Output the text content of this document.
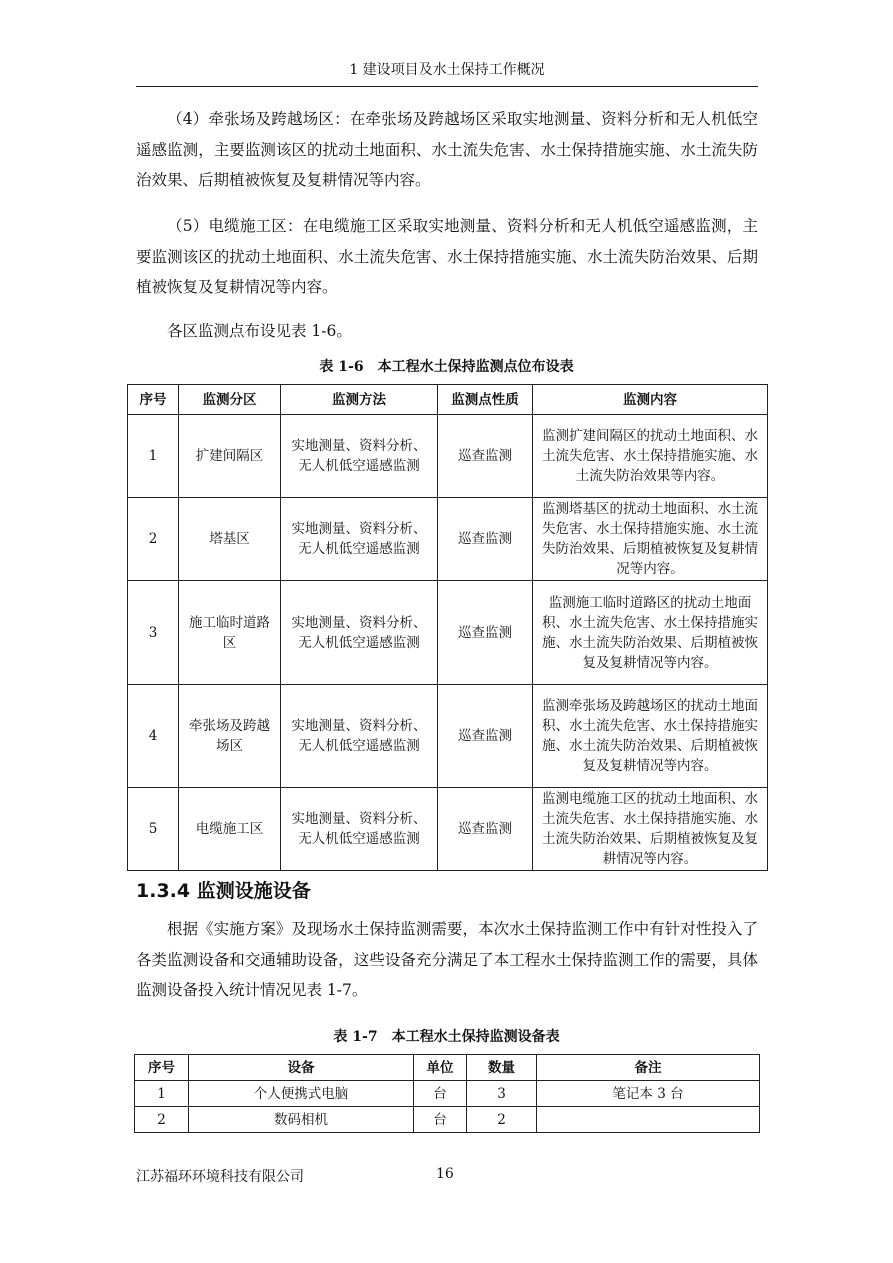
1 建设项目及水土保持工作概况

（4）牵张场及跨越场区：在牵张场及跨越场区采取实地测量、资料分析和无人机低空遥感监测，主要监测该区的扰动土地面积、水土流失危害、水土保持措施实施、水土流失防治效果、后期植被恢复及复耕情况等内容。

（5）电缆施工区：在电缆施工区采取实地测量、资料分析和无人机低空遥感监测，主要监测该区的扰动土地面积、水土流失危害、水土保持措施实施、水土流失防治效果、后期植被恢复及复耕情况等内容。

各区监测点布设见表 1-6。

表 1-6 本工程水土保持监测点位布设表

序号	监测分区	监测方法	监测点性质	监测内容
1	扩建间隔区	实地测量、资料分析、无人机低空遥感监测	巡查监测	监测扩建间隔区的扰动土地面积、水土流失危害、水土保持措施实施、水土流失防治效果等内容。
2	塔基区	实地测量、资料分析、无人机低空遥感监测	巡查监测	监测塔基区的扰动土地面积、水土流失危害、水土保持措施实施、水土流失防治效果、后期植被恢复及复耕情况等内容。
3	施工临时道路区	实地测量、资料分析、无人机低空遥感监测	巡查监测	监测施工临时道路区的扰动土地面积、水土流失危害、水土保持措施实施、水土流失防治效果、后期植被恢复及复耕情况等内容。
4	牵张场及跨越场区	实地测量、资料分析、无人机低空遥感监测	巡查监测	监测牵张场及跨越场区的扰动土地面积、水土流失危害、水土保持措施实施、水土流失防治效果、后期植被恢复及复耕情况等内容。
5	电缆施工区	实地测量、资料分析、无人机低空遥感监测	巡查监测	监测电缆施工区的扰动土地面积、水土流失危害、水土保持措施实施、水土流失防治效果、后期植被恢复及复耕情况等内容。
1.3.4 监测设施设备

根据《实施方案》及现场水土保持监测需要，本次水土保持监测工作中有针对性投入了各类监测设备和交通辅助设备，这些设备充分满足了本工程水土保持监测工作的需要，具体监测设备投入统计情况见表 1-7。

表 1-7 本工程水土保持监测设备表

序号	设备	单位	数量	备注
1	个人便携式电脑	台	3	笔记本 3 台
2	数码相机	台	2	
江苏福环环境科技有限公司	16
